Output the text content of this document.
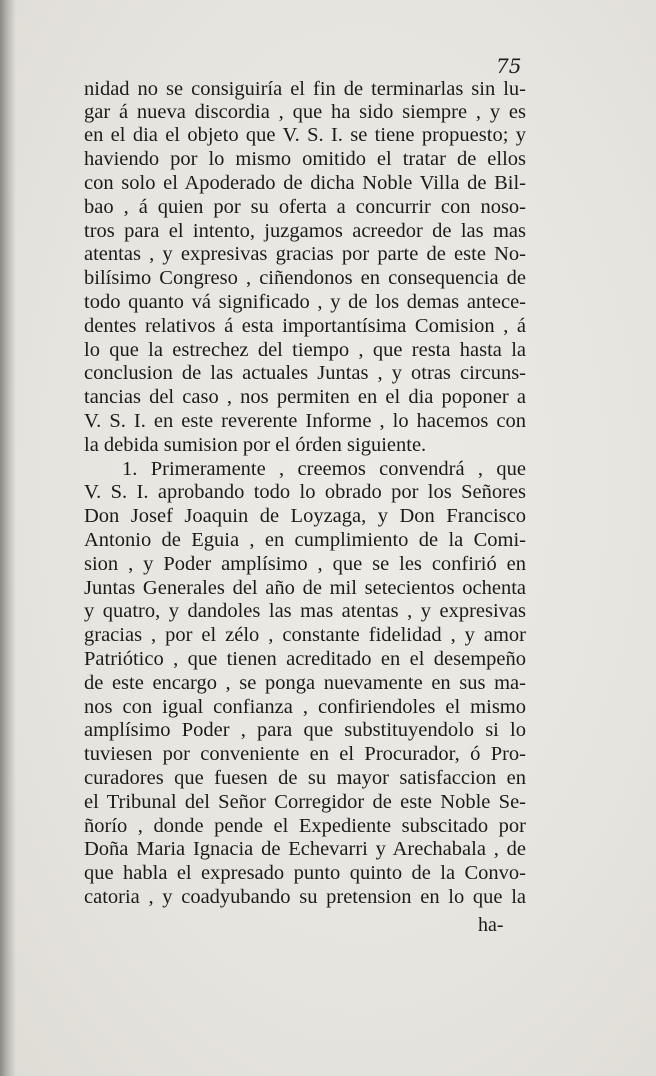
75
nidad no se consiguiría el fin de terminarlas sin lu-
gar á nueva discordia , que ha sido siempre , y es
en el dia el objeto que V. S. I. se tiene propuesto; y
haviendo por lo mismo omitido el tratar de ellos
con solo el Apoderado de dicha Noble Villa de Bil-
bao , á quien por su oferta a concurrir con noso-
tros para el intento, juzgamos acreedor de las mas
atentas , y expresivas gracias por parte de este No-
bilísimo Congreso , ciñendonos en consequencia de
todo quanto vá significado , y de los demas antece-
dentes relativos á esta importantísima Comision , á
lo que la estrechez del tiempo , que resta hasta la
conclusion de las actuales Juntas , y otras circuns-
tancias del caso , nos permiten en el dia poponer a
V. S. I. en este reverente Informe , lo hacemos con
la debida sumision por el órden siguiente.
1. Primeramente , creemos convendrá , que
V. S. I. aprobando todo lo obrado por los Señores
Don Josef Joaquin de Loyzaga, y Don Francisco
Antonio de Eguia , en cumplimiento de la Comi-
sion , y Poder amplísimo , que se les confirió en
Juntas Generales del año de mil setecientos ochenta
y quatro, y dandoles las mas atentas , y expresivas
gracias , por el zélo , constante fidelidad , y amor
Patriótico , que tienen acreditado en el desempeño
de este encargo , se ponga nuevamente en sus ma-
nos con igual confianza , confiriendoles el mismo
amplísimo Poder , para que substituyendolo si lo
tuviesen por conveniente en el Procurador, ó Pro-
curadores que fuesen de su mayor satisfaccion en
el Tribunal del Señor Corregidor de este Noble Se-
ñorío , donde pende el Expediente subscitado por
Doña Maria Ignacia de Echevarri y Arechabala , de
que habla el expresado punto quinto de la Convo-
catoria , y coadyubando su pretension en lo que la
ha-
